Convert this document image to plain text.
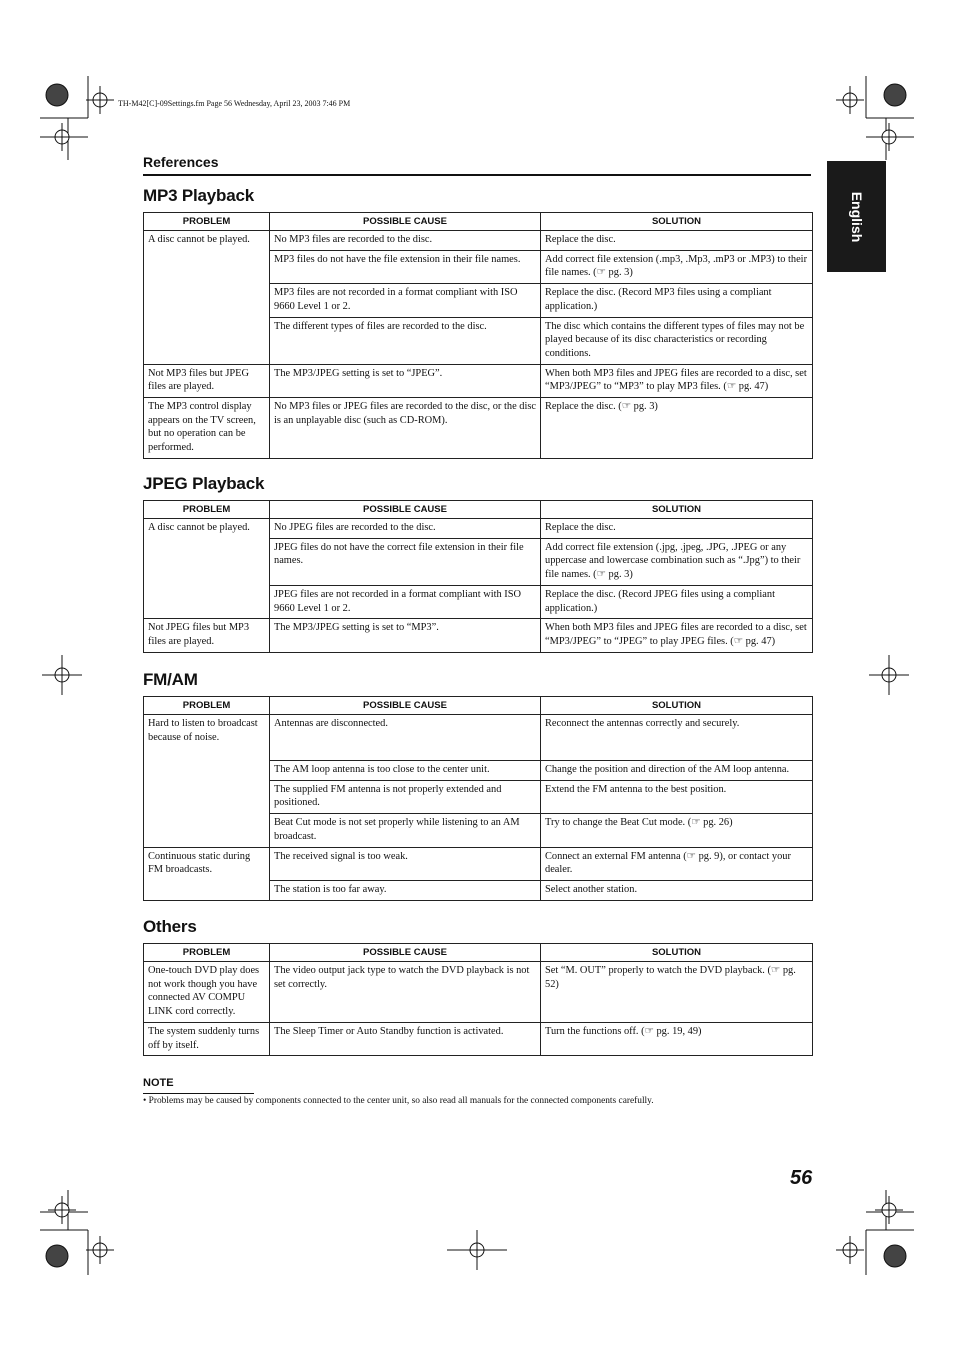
TH-M42[C]-09Settings.fm Page 56 Wednesday, April 23, 2003 7:46 PM
References
English
MP3 Playback
JPEG Playback
FM/AM
Others
PROBLEM	POSSIBLE CAUSE	SOLUTION
A disc cannot be played.	No MP3 files are recorded to the disc.	Replace the disc.
	MP3 files do not have the file extension in their file names.	Add correct file extension (.mp3, .Mp3, .mP3 or .MP3) to their file names. (☞ pg. 3)
	MP3 files are not recorded in a format compliant with ISO 9660 Level 1 or 2.	Replace the disc. (Record MP3 files using a compliant application.)
	The different types of files are recorded to the disc.	The disc which contains the different types of files may not be played because of its disc characteristics or recording conditions.
Not MP3 files but JPEG files are played.	The MP3/JPEG setting is set to “JPEG”.	When both MP3 files and JPEG files are recorded to a disc, set “MP3/JPEG” to “MP3” to play MP3 files. (☞ pg. 47)
The MP3 control display appears on the TV screen, but no operation can be performed.	No MP3 files or JPEG files are recorded to the disc, or the disc is an unplayable disc (such as CD-ROM).	Replace the disc. (☞ pg. 3)
PROBLEM	POSSIBLE CAUSE	SOLUTION
A disc cannot be played.	No JPEG files are recorded to the disc.	Replace the disc.
	JPEG files do not have the correct file extension in their file names.	Add correct file extension (.jpg, .jpeg, .JPG, .JPEG or any uppercase and lowercase combination such as “.Jpg”) to their file names. (☞ pg. 3)
	JPEG files are not recorded in a format compliant with ISO 9660 Level 1 or 2.	Replace the disc. (Record JPEG files using a compliant application.)
Not JPEG files but MP3 files are played.	The MP3/JPEG setting is set to “MP3”.	When both MP3 files and JPEG files are recorded to a disc, set “MP3/JPEG” to “JPEG” to play JPEG files. (☞ pg. 47)
PROBLEM	POSSIBLE CAUSE	SOLUTION
Hard to listen to broadcast because of noise.	Antennas are disconnected.	Reconnect the antennas correctly and securely.
	The AM loop antenna is too close to the center unit.	Change the position and direction of the AM loop antenna.
	The supplied FM antenna is not properly extended and positioned.	Extend the FM antenna to the best position.
	Beat Cut mode is not set properly while listening to an AM broadcast.	Try to change the Beat Cut mode. (☞ pg. 26)
Continuous static during FM broadcasts.	The received signal is too weak.	Connect an external FM antenna (☞ pg. 9), or contact your dealer.
	The station is too far away.	Select another station.
PROBLEM	POSSIBLE CAUSE	SOLUTION
One-touch DVD play does not work though you have connected AV COMPU LINK cord correctly.	The video output jack type to watch the DVD playback is not set correctly.	Set “M. OUT” properly to watch the DVD playback. (☞ pg. 52)
The system suddenly turns off by itself.	The Sleep Timer or Auto Standby function is activated.	Turn the functions off. (☞ pg. 19, 49)
NOTE
• Problems may be caused by components connected to the center unit, so also read all manuals for the connected components carefully.
56
